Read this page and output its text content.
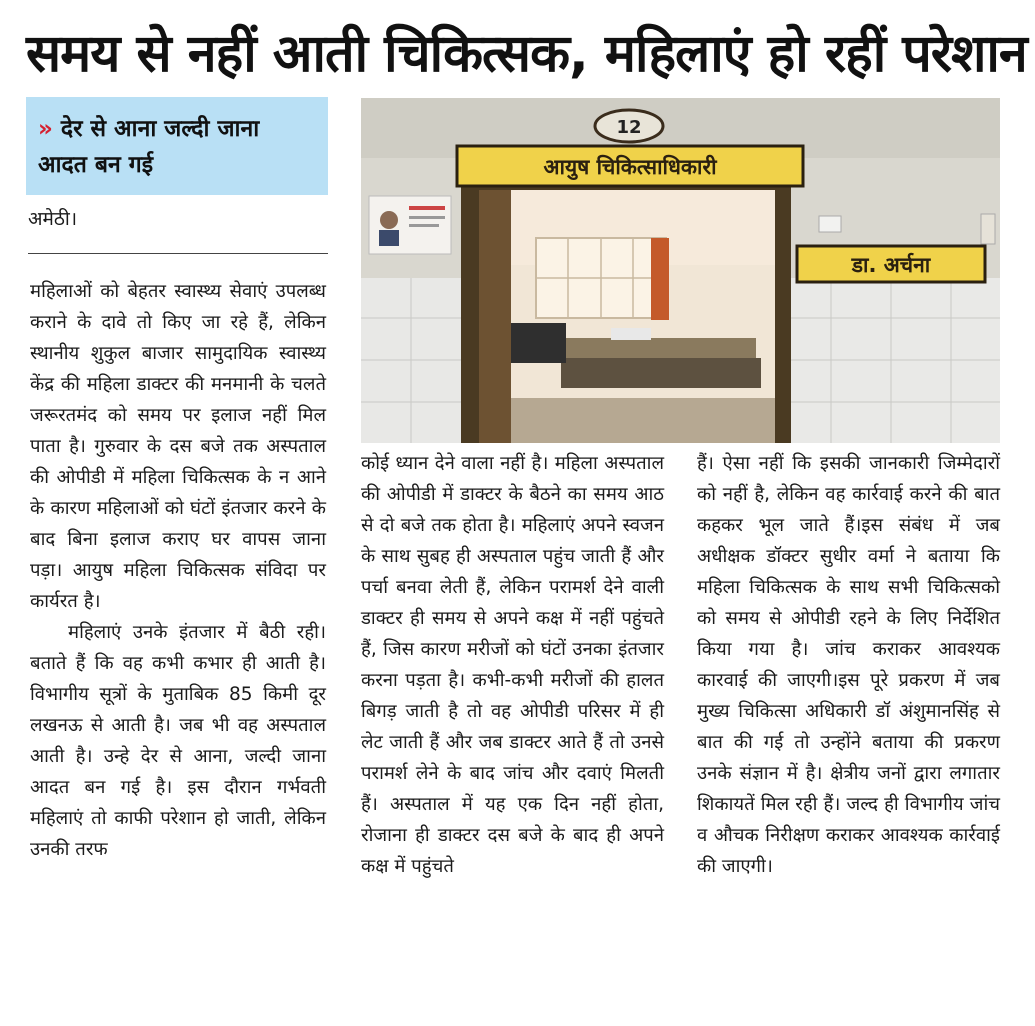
समय से नहीं आती चिकित्सक, महिलाएं हो रहीं परेशान
» देर से आना जल्दी जाना
आदत बन गई
अमेठी।

महिलाओं को बेहतर स्वास्थ्य सेवाएं उपलब्ध कराने के दावे तो किए जा रहे हैं, लेकिन स्थानीय शुकुल बाजार सामुदायिक स्वास्थ्य केंद्र की महिला डाक्टर की मनमानी के चलते जरूरतमंद को समय पर इलाज नहीं मिल पाता है। गुरुवार के दस बजे तक अस्पताल की ओपीडी में महिला चिकित्सक के न आने के कारण महिलाओं को घंटों इंतजार करने के बाद बिना इलाज कराए घर वापस जाना पड़ा। आयुष महिला चिकित्सक संविदा पर कार्यरत है।

महिलाएं उनके इंतजार में बैठी रही। बताते हैं कि वह कभी कभार ही आती है।विभागीय सूत्रों के मुताबिक 85 किमी दूर लखनऊ से आती है। जब भी वह अस्पताल आती है। उन्हे देर से आना, जल्दी जाना आदत बन गई है। इस दौरान गर्भवती महिलाएं तो काफी परेशान हो जाती, लेकिन उनकी तरफ

12
आयुष चिकित्साधिकारी
डा. अर्चना

कोई ध्यान देने वाला नहीं है। महिला अस्पताल की ओपीडी में डाक्टर के बैठने का समय आठ से दो बजे तक होता है। महिलाएं अपने स्वजन के साथ सुबह ही अस्पताल पहुंच जाती हैं और पर्चा बनवा लेती हैं, लेकिन परामर्श देने वाली डाक्टर ही समय से अपने कक्ष में नहीं पहुंचते हैं, जिस कारण मरीजों को घंटों उनका इंतजार करना पड़ता है। कभी-कभी मरीजों की हालत बिगड़ जाती है तो वह ओपीडी परिसर में ही लेट जाती हैं और जब डाक्टर आते हैं तो उनसे परामर्श लेने के बाद जांच और दवाएं मिलती हैं। अस्पताल में यह एक दिन नहीं होता, रोजाना ही डाक्टर दस बजे के बाद ही अपने कक्ष में पहुंचते

हैं। ऐसा नहीं कि इसकी जानकारी जिम्मेदारों को नहीं है, लेकिन वह कार्रवाई करने की बात कहकर भूल जाते हैं।इस संबंध में जब अधीक्षक डॉक्टर सुधीर वर्मा ने बताया कि महिला चिकित्सक के साथ सभी चिकित्सको को समय से ओपीडी रहने के लिए निर्देशित किया गया है। जांच कराकर आवश्यक कारवाई की जाएगी।इस पूरे प्रकरण में जब मुख्य चिकित्सा अधिकारी डॉ अंशुमानसिंह से बात की गई तो उन्होंने बताया की प्रकरण उनके संज्ञान में है। क्षेत्रीय जनों द्वारा लगातार शिकायतें मिल रही हैं। जल्द ही विभागीय जांच व औचक निरीक्षण कराकर आवश्यक कार्रवाई की जाएगी।
